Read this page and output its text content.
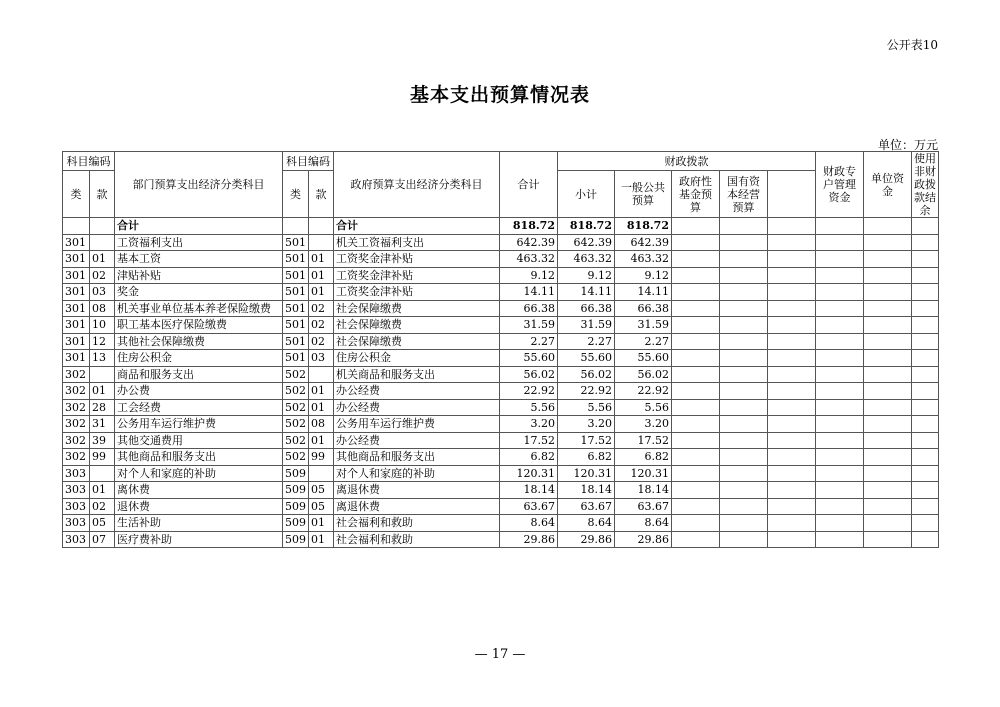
公开表10
基本支出预算情况表
单位：万元
科目编码		部门预算支出经济分类科目	科目编码		政府预算支出经济分类科目	合计	财政拨款					财政专户管理资金	单位资金	使用非财政拨款结余	
类	款		类	款			小计	一般公共预算	政府性基金预算	国有资本经营预算					
		合计			合计	818.72	818.72	818.72							
301		工资福利支出	501		机关工资福利支出	642.39	642.39	642.39							
301	01	基本工资	501	01	工资奖金津补贴	463.32	463.32	463.32							
301	02	津贴补贴	501	01	工资奖金津补贴	9.12	9.12	9.12							
301	03	奖金	501	01	工资奖金津补贴	14.11	14.11	14.11							
301	08	机关事业单位基本养老保险缴费	501	02	社会保障缴费	66.38	66.38	66.38							
301	10	职工基本医疗保险缴费	501	02	社会保障缴费	31.59	31.59	31.59							
301	12	其他社会保障缴费	501	02	社会保障缴费	2.27	2.27	2.27							
301	13	住房公积金	501	03	住房公积金	55.60	55.60	55.60							
302		商品和服务支出	502		机关商品和服务支出	56.02	56.02	56.02							
302	01	办公费	502	01	办公经费	22.92	22.92	22.92							
302	28	工会经费	502	01	办公经费	5.56	5.56	5.56							
302	31	公务用车运行维护费	502	08	公务用车运行维护费	3.20	3.20	3.20							
302	39	其他交通费用	502	01	办公经费	17.52	17.52	17.52							
302	99	其他商品和服务支出	502	99	其他商品和服务支出	6.82	6.82	6.82							
303		对个人和家庭的补助	509		对个人和家庭的补助	120.31	120.31	120.31							
303	01	离休费	509	05	离退休费	18.14	18.14	18.14							
303	02	退休费	509	05	离退休费	63.67	63.67	63.67							
303	05	生活补助	509	01	社会福利和救助	8.64	8.64	8.64							
303	07	医疗费补助	509	01	社会福利和救助	29.86	29.86	29.86							
— 17 —
